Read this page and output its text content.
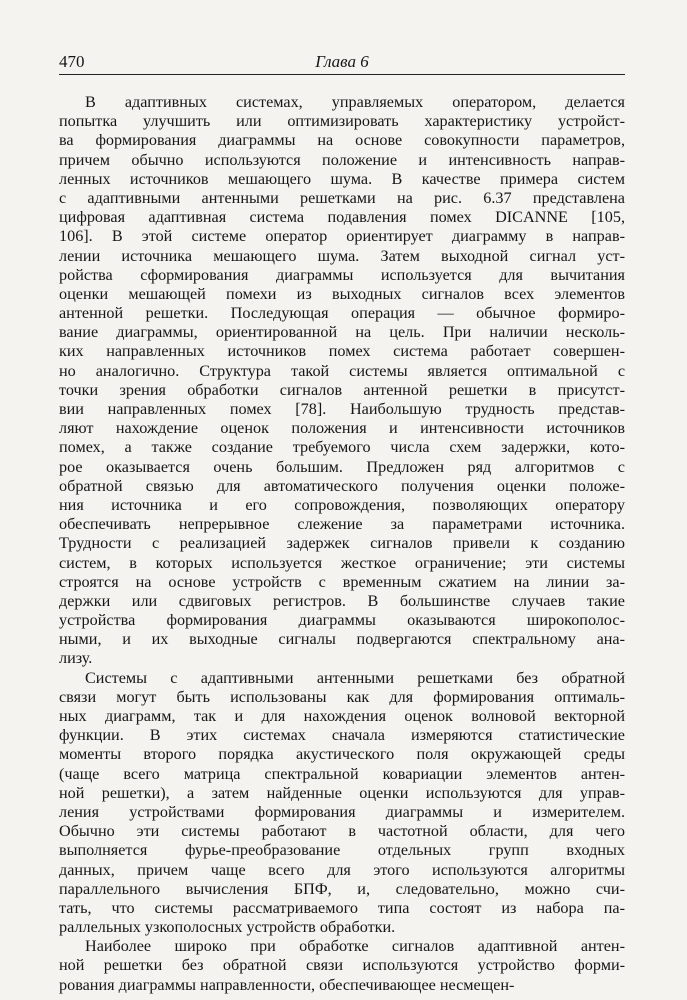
470	Глава 6
В адаптивных системах, управляемых оператором, делается
попытка улучшить или оптимизировать характеристику устройст-
ва формирования диаграммы на основе совокупности параметров,
причем обычно используются положение и интенсивность направ-
ленных источников мешающего шума. В качестве примера систем
с адаптивными антенными решетками на рис. 6.37 представлена
цифровая адаптивная система подавления помех DICANNE [105,
106]. В этой системе оператор ориентирует диаграмму в направ-
лении источника мешающего шума. Затем выходной сигнал уст-
ройства сформирования диаграммы используется для вычитания
оценки мешающей помехи из выходных сигналов всех элементов
антенной решетки. Последующая операция — обычное формиро-
вание диаграммы, ориентированной на цель. При наличии несколь-
ких направленных источников помех система работает совершен-
но аналогично. Структура такой системы является оптимальной с
точки зрения обработки сигналов антенной решетки в присутст-
вии направленных помех [78]. Наибольшую трудность представ-
ляют нахождение оценок положения и интенсивности источников
помех, а также создание требуемого числа схем задержки, кото-
рое оказывается очень большим. Предложен ряд алгоритмов с
обратной связью для автоматического получения оценки положе-
ния источника и его сопровождения, позволяющих оператору
обеспечивать непрерывное слежение за параметрами источника.
Трудности с реализацией задержек сигналов привели к созданию
систем, в которых используется жесткое ограничение; эти системы
строятся на основе устройств с временным сжатием на линии за-
держки или сдвиговых регистров. В большинстве случаев такие
устройства формирования диаграммы оказываются широкополос-
ными, и их выходные сигналы подвергаются спектральному ана-
лизу.
Системы с адаптивными антенными решетками без обратной
связи могут быть использованы как для формирования оптималь-
ных диаграмм, так и для нахождения оценок волновой векторной
функции. В этих системах сначала измеряются статистические
моменты второго порядка акустического поля окружающей среды
(чаще всего матрица спектральной ковариации элементов антен-
ной решетки), а затем найденные оценки используются для управ-
ления устройствами формирования диаграммы и измерителем.
Обычно эти системы работают в частотной области, для чего
выполняется фурье-преобразование отдельных групп входных
данных, причем чаще всего для этого используются алгоритмы
параллельного вычисления БПФ, и, следовательно, можно счи-
тать, что системы рассматриваемого типа состоят из набора па-
раллельных узкополосных устройств обработки.
Наиболее широко при обработке сигналов адаптивной антен-
ной решетки без обратной связи используются устройство форми-
рования диаграммы направленности, обеспечивающее несмещен-
